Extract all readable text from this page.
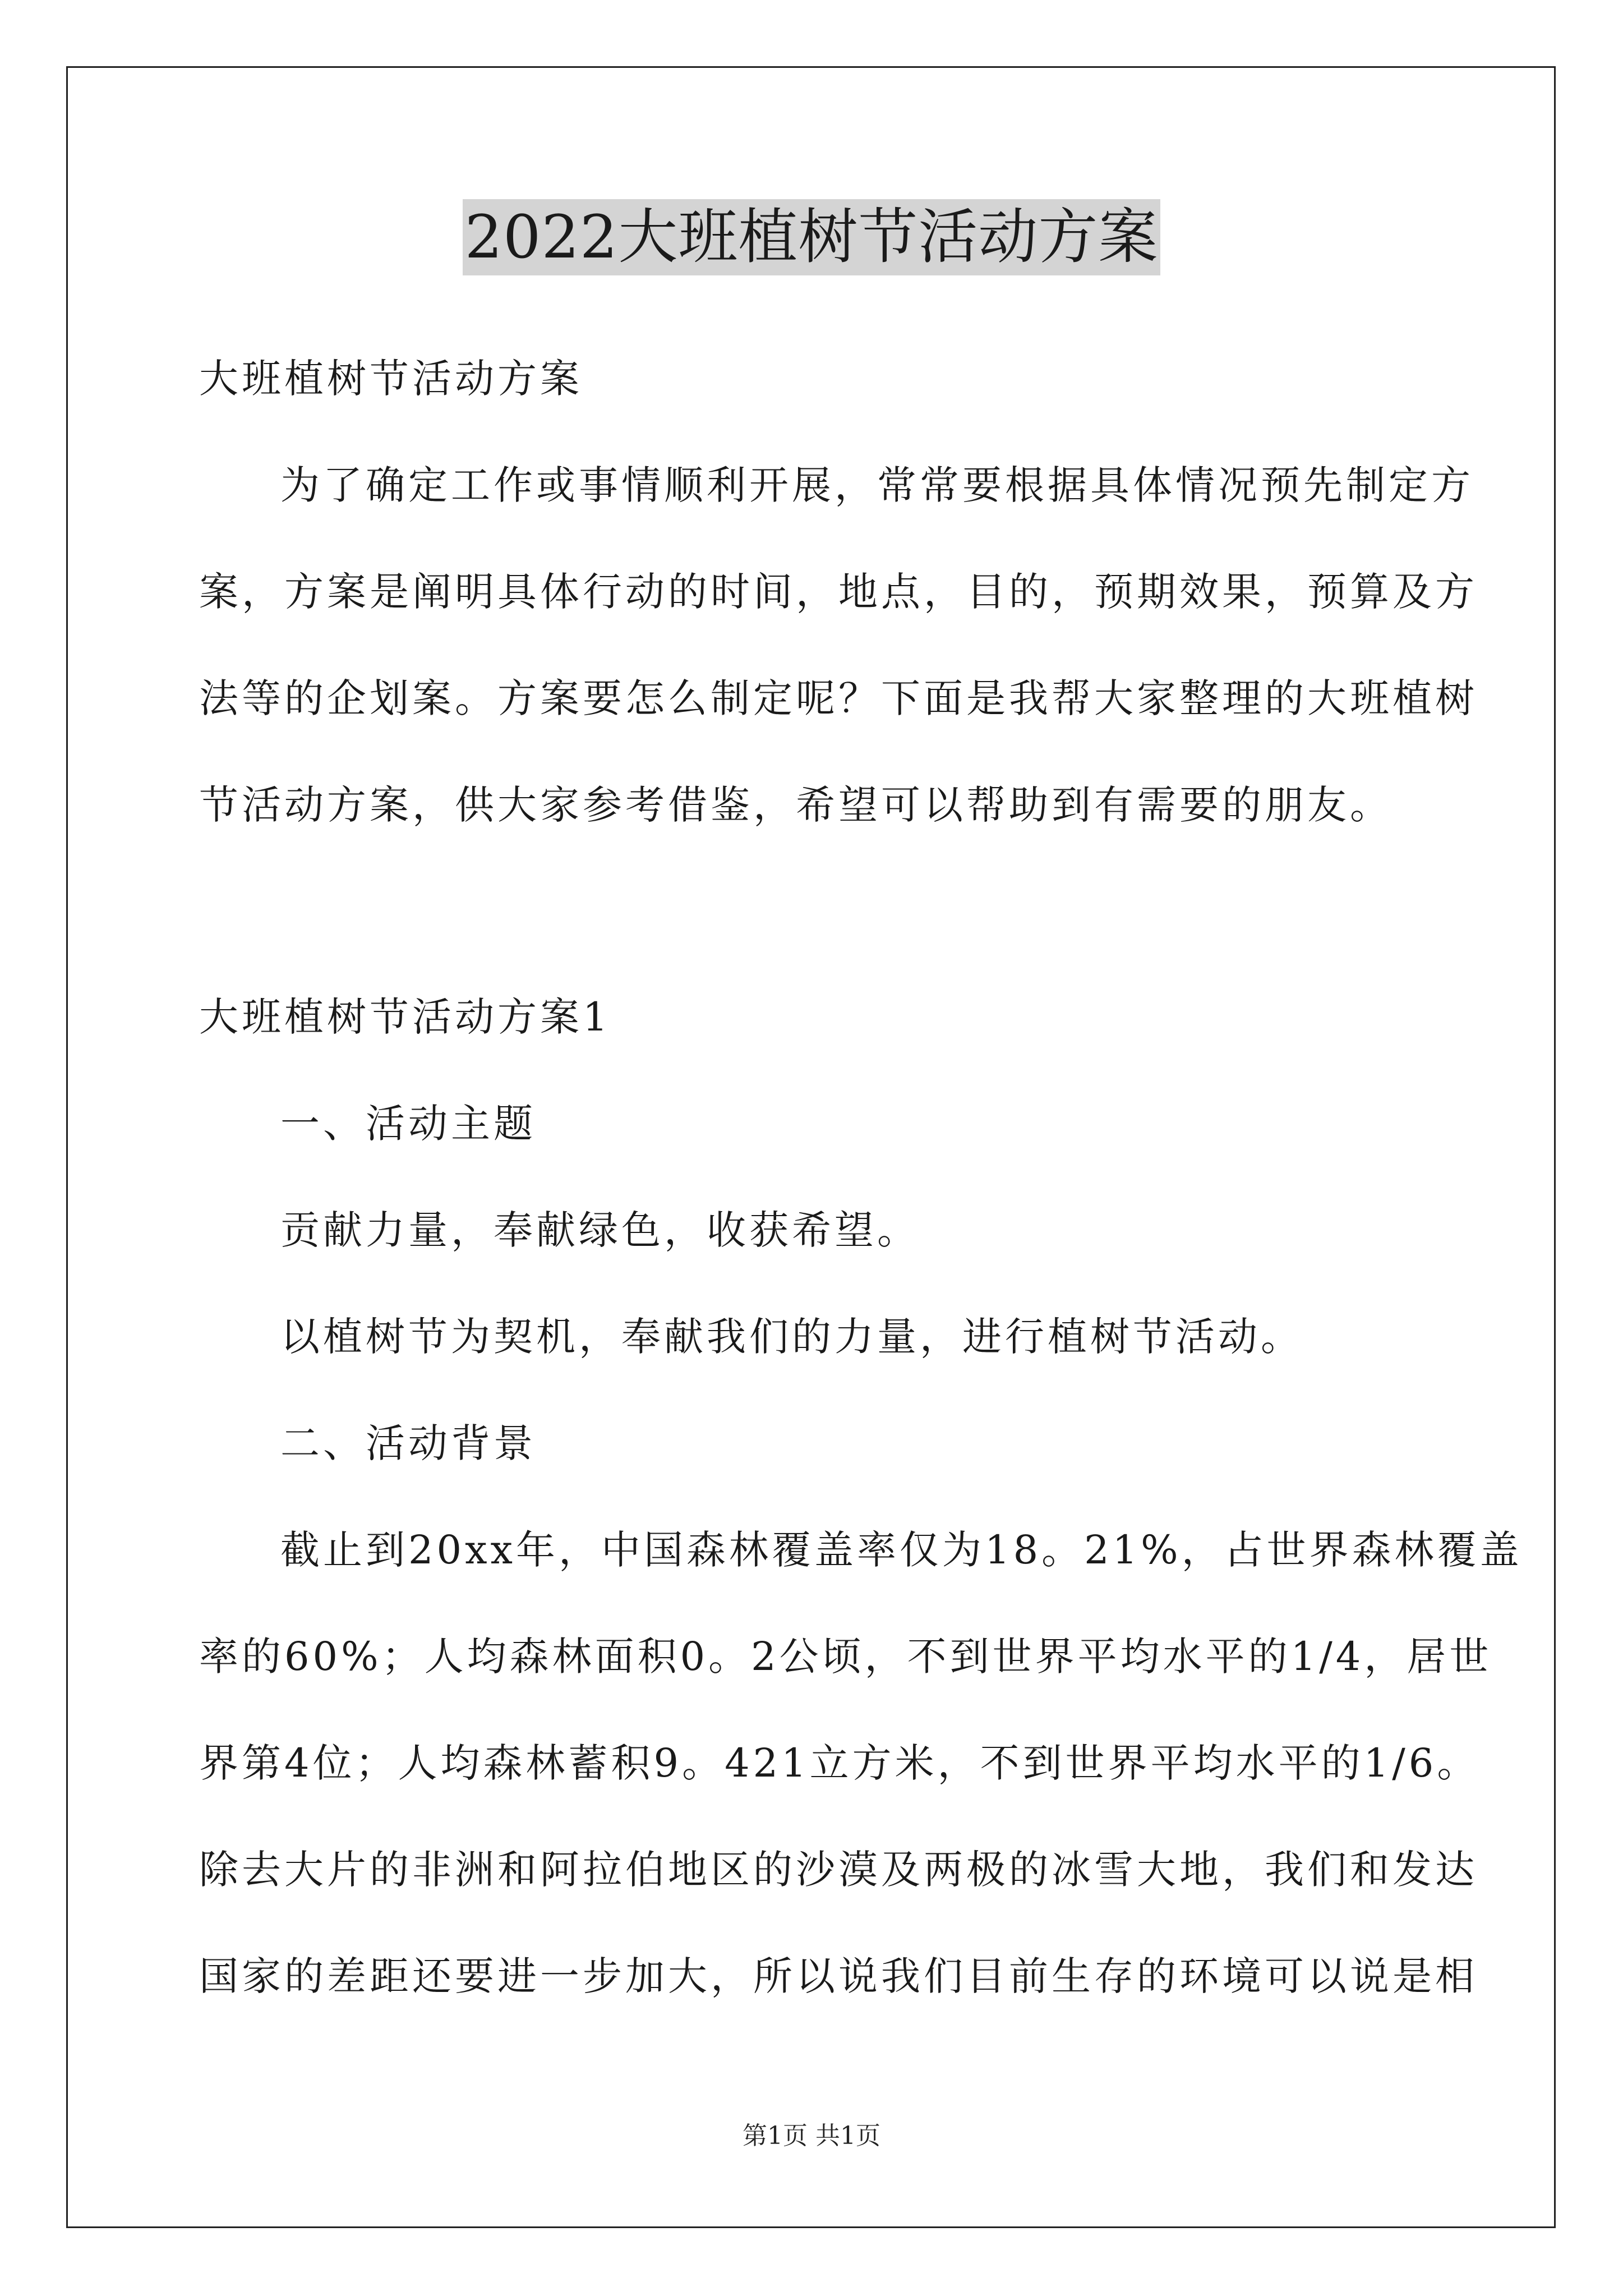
2022大班植树节活动方案
大班植树节活动方案
为了确定工作或事情顺利开展，常常要根据具体情况预先制定方
案，方案是阐明具体行动的时间，地点，目的，预期效果，预算及方
法等的企划案。方案要怎么制定呢？下面是我帮大家整理的大班植树
节活动方案，供大家参考借鉴，希望可以帮助到有需要的朋友。
大班植树节活动方案1
一、活动主题
贡献力量，奉献绿色，收获希望。
以植树节为契机，奉献我们的力量，进行植树节活动。
二、活动背景
截止到20xx年，中国森林覆盖率仅为18。21%，占世界森林覆盖
率的60%；人均森林面积0。2公顷，不到世界平均水平的1/4，居世
界第4位；人均森林蓄积9。421立方米，不到世界平均水平的1/6。
除去大片的非洲和阿拉伯地区的沙漠及两极的冰雪大地，我们和发达
国家的差距还要进一步加大，所以说我们目前生存的环境可以说是相
第1页 共1页
